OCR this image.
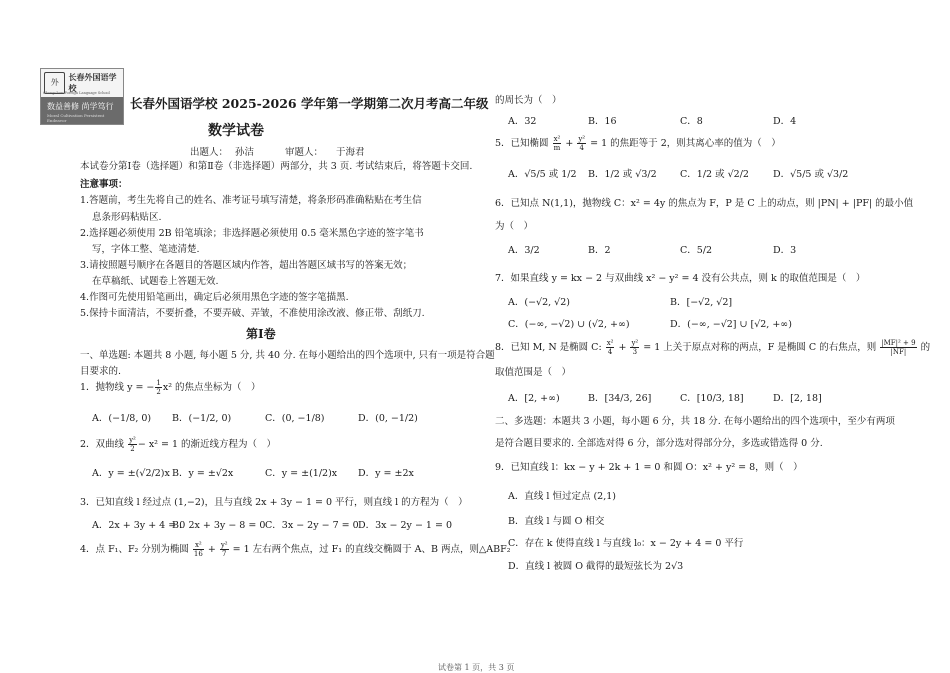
外
长春外国语学校
Changchun Foreign Language School
数益善修 尚学笃行
Moral Cultivation Persistent Endeavor
长春外国语学校 2025-2026 学年第一学期第二次月考高二年级
数学试卷
出题人： 孙洁	审题人： 于海君
本试卷分第Ⅰ卷（选择题）和第Ⅱ卷（非选择题）两部分，共 3 页. 考试结束后，将答题卡交回.
注意事项：
1.答题前，考生先将自己的姓名、准考证号填写清楚，将条形码准确粘贴在考生信
息条形码粘贴区.
2.选择题必须使用 2B 铅笔填涂；非选择题必须使用 0.5 毫米黑色字迹的签字笔书
写，字体工整、笔迹清楚.
3.请按照题号顺序在各题目的答题区域内作答，超出答题区域书写的答案无效；
在草稿纸、试题卷上答题无效.
4.作图可先使用铅笔画出，确定后必须用黑色字迹的签字笔描黑.
5.保持卡面清洁，不要折叠，不要弄破、弄皱，不准使用涂改液、修正带、刮纸刀.
第Ⅰ卷
一、单选题: 本题共 8 小题, 每小题 5 分, 共 40 分. 在每小题给出的四个选项中, 只有一项是符合题
目要求的.
1．抛物线 y = − $\frac{1}{2} x^2$ 的焦点坐标为（　）
A．(−1/8, 0) B．(−1/2, 0)	C．(0, −1/8)	D．(0, −1/2)
2．双曲线 $\frac{\text{y²}}{2} - x^2 = 1$ 的渐近线方程为（　）
A．y = ±(√2/2)x B．y = ±√2x	C．y = ±(1/2)x D．y = ±2x
3．已知直线 l 经过点 (1,−2)，且与直线 2x + 3y − 1 = 0 平行，则直线 l 的方程为（　）
A．2x + 3y + 4 = 0
B．2x + 3y − 8 = 0 C．3x − 2y − 7 = 0 D．3x − 2y − 1 = 0
4．点 F₁、F₂ 分别为椭圆 $\frac{\text{x²}}{16} + \frac{\text{y²}}{7} = 1$ 左右两个焦点，过 F₁ 的直线交椭圆于 A、B 两点，则△ABF₂
的周长为（　）
A．32	B．16	C．8	D．4
5．已知椭圆 $\frac{\text{x²}}{m} + \frac{\text{y²}}{4} = 1$ 的焦距等于 2，则其离心率的值为（　）
A．√5/5 或 1/2 B．1/2 或 √3/2 C．1/2 或 √2/2	D．√5/5 或 √3/2
6．已知点 N(1,1)，抛物线 C：x² = 4y 的焦点为 F，P 是 C 上的动点，则 |PN| + |PF| 的最小值
为（　）
A．3/2	B．2	C．5/2	D．3
7．如果直线 y = kx − 2 与双曲线 x² − y² = 4 没有公共点，则 k 的取值范围是（　）
A．(−√2, √2)	B．[−√2, √2]
C．(−∞, −√2) ∪ (√2, +∞)	D．(−∞, −√2] ∪ [√2, +∞)
8．已知 M, N 是椭圆 C: $\frac{\text{x²}}{4} + \frac{\text{y²}}{3} = 1$ 上关于原点对称的两点，F 是椭圆 C 的右焦点，则 $\frac{\text{|MF|² + 9}}{|NF|}$ 的
取值范围是（　）
A．[2, +∞)	B．[34/3, 26]	C．[10/3, 18]	D．[2, 18]
二、多选题：本题共 3 小题，每小题 6 分，共 18 分. 在每小题给出的四个选项中，至少有两项
是符合题目要求的. 全部选对得 6 分，部分选对得部分分，多选或错选得 0 分.
9．已知直线 l：kx − y + 2k + 1 = 0 和圆 O：x² + y² = 8，则（　）
A．直线 l 恒过定点 (2,1)
B．直线 l 与圆 O 相交
C．存在 k 使得直线 l 与直线 l₀：x − 2y + 4 = 0 平行
D．直线 l 被圆 O 截得的最短弦长为 2√3
试卷第 1 页，共 3 页
